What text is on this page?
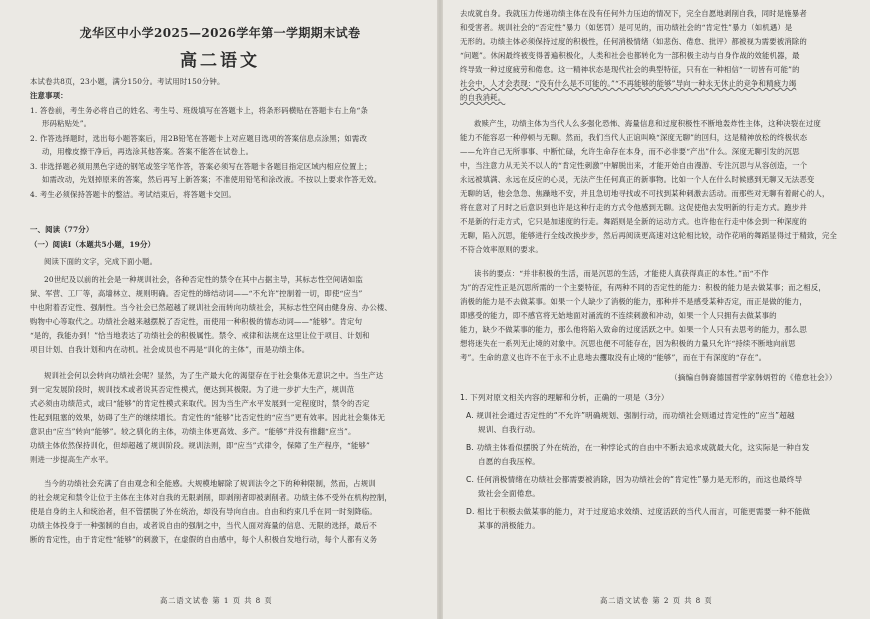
龙华区中小学2025—2026学年第一学期期末试卷
高二语文
本试卷共8页，23小题，满分150分。考试用时150分钟。
注意事项：
1. 答卷前，考生务必将自己的姓名、考生号、班级填写在答题卡上，将条形码横贴在答题卡右上角“条
形码粘贴处”。
2. 作答选择题时，选出每小题答案后，用2B铅笔在答题卡上对应题目选项的答案信息点涂黑；如需改
动，用橡皮擦干净后，再选涂其他答案。答案不能答在试卷上。
3. 非选择题必须用黑色字迹的钢笔或签字笔作答，答案必须写在答题卡各题目指定区域内相应位置上；
如需改动，先划掉原来的答案，然后再写上新答案；不准使用铅笔和涂改液。不按以上要求作答无效。
4. 考生必须保持答题卡的整洁。考试结束后，将答题卡交回。
一、阅读（77分）
（一）阅读Ⅰ（本题共5小题，19分）
阅读下面的文字，完成下面小题。
20世纪及以前的社会是一种规训社会，各种否定性的禁令在其中占据主导，其标志性空间诸如监
狱、军营、工厂等，高墙林立、规则明确。否定性的缔结动词——“不允许”控制着一切，即使“应当”
中也附着否定性、强制性。当今社会已然超越了规训社会而转向功绩社会，其标志性空间由健身房、办公楼、
购物中心等取代之。功绩社会越来越摆脱了否定性，而使用一种积极的情态动词——“能够”。肯定句
“是的，我能办到！”恰当地表达了功绩社会的积极属性。禁令、戒律和法规在这里让位于项目、计划和
项目计划、自我计划和内在动机。社会成员也不再是“训化的主体”，而是功绩主体。
规训社会何以会转向功绩社会呢？显然，为了生产最大化的渴望存在于社会集体无意识之中。当生产达
到一定发展阶段时，规训技术或者说其否定性模式，便达到其极限。为了进一步扩大生产，规训范
式必须由功绩范式，或曰“能够”的肯定性模式来取代。因为当生产水平发展到一定程度时，禁令的否定
性起到阻塞的效果，妨碍了生产的继续增长。肯定性的“能够”比否定性的“应当”更有效率。因此社会集体无
意识由“应当”转向“能够”。较之驯化的主体，功绩主体更高效、多产。“能够”并没有推翻“应当”。
功绩主体依然保持训化，但却超越了规训阶段。规训法则，即“应当”式律令，保障了生产程序，“能够”
则进一步提高生产水平。
当今的功绩社会充满了自由观念和全能感。大规模地解除了规训法令之下的种种限制，然而，占规训
的社会规定和禁令让位于主体在主体对自我的无限剥削，即剥削者即被剥削者。功绩主体不受外在机构控制，
使是自身的主人和统治者，但不管摆脱了外在统治，却没有导向自由。自由和约束几乎在同一时刻降临。
功绩主体投身于一种强制的自由，或者说自由的强制之中，当代人面对海量的信息、无限的选择，最后不
断的肯定性，由于肯定性“能够”的刺激下，在虚假的自由感中，每个人积极自发地行动，每个人都有义务
高二语文试卷 第 1 页 共 8 页
去成就自身。我就压力传递功绩主体在没有任何外力压迫的情况下，完全自愿地剥削自我，同时是施暴者
和受害者。规训社会的“否定性”暴力（如惩罚）是可见的，而功绩社会的“肯定性”暴力（如机遇）是
无形的。功绩主体必须保持过度的积极性，任何消极情绪（如悲伤、倦怠、批评）都被视为需要被消除的
“问题”。休闲最终被变得普遍积极化，人类和社会也都转化为一部积极主动与自身作战的效能机器，最
终导致一种过度疲劳和倦怠。这一精神状态是现代社会的典型特征，只有在一种相信“一切皆有可能”的
社会中，人才会表现：“没有什么是不可能的。”“不再能够的能够”导向一种永无休止的竞争和精疲力竭
的自我消耗。
救赎产生，功绩主体为当代人么多强化恐怖、海量信息和过度积极性不断地轰炸性主体，这种决裂在过度
能力不能容忍一种停顿与无聊。然而，我们当代人正谊叫唤“深度无聊”的回归，这是精神放松的终极状态
——允许自己无所事事、中断忙碌，允许生命存在本身，而不必非要“产出”什么。深度无聊引发的沉思
中，当注意力从无关不以人的“肯定性刺激”中解脱出来，才能开始自由漫游、专注沉思与从容创造，一个
永远被填满、永远在反应的心灵，无法产生任何真正的新事物。比如一个人在什么时候感到无聊又无法恶变
无聊的话，他会急急、焦躁地不安，并且急切地寻找或不可找到某种刺激去活动。而那些对无聊有着耐心的人，
将在意对了月时之后意识到也许是这种行走的方式令他感到无聊。这促使他去发明新的行走方式。跑步并
不是新的行走方式，它只是加速度的行走。舞蹈则是全新的运动方式。也许他在行走中体会到一种深度的
无聊，陷入沉思，能够进行全线改换步步，然后再阅读更高速对这轮相比较，动作花哨的舞蹈显得过于精致，完全
不符合效率原则的要求。
读书的要点：“并非积极的生活，而是沉思的生活，才能使人真获得真正的本性。”而“不作
为”的否定性正是沉思所需的一个主要特征，有两种不同的否定性的能力：积极的能力是去做某事；而之相反，
消极的能力是不去做某事。如果一个人缺少了消极的能力，那种并不是感受某种否定，而正是做的能力，
即感受的能力，即不感官将无始地面对涌流的不连续刺激和冲动，如果一个人只拥有去做某事的
能力，缺少不做某事的能力，那么他将陷入致命的过度活跃之中。如果一个人只有去思考的能力，那么思
想将迷失在一系列无止境的对象中。沉思也便不可能存在，因为积极的力量只允许“持续不断地向前思
考”。生命的意义也许不在于永不止息地去攫取没有止境的“能够”，而在于有深度的“存在”。
（摘编自韩裔德国哲学家韩炳哲的《倦怠社会》）
1. 下列对原文相关内容的理解和分析，正确的一项是（3分）
A. 规训社会通过否定性的“不允许”明确规划、强制行动，而功绩社会则通过肯定性的“应当”超越
规训、自我行动。
B. 功绩主体看似摆脱了外在统治，在一种悖论式的自由中不断去追求成就最大化，这实际是一种自发
自愿的自我压榨。
C. 任何消极情绪在功绩社会都需要被消除，因为功绩社会的“肯定性”暴力是无形的，而这也最终导
致社会全面倦怠。
D. 相比于积极去做某事的能力，对于过度追求效绩、过度活跃的当代人而言，可能更需要一种不能做
某事的消极能力。
高二语文试卷 第 2 页 共 8 页
